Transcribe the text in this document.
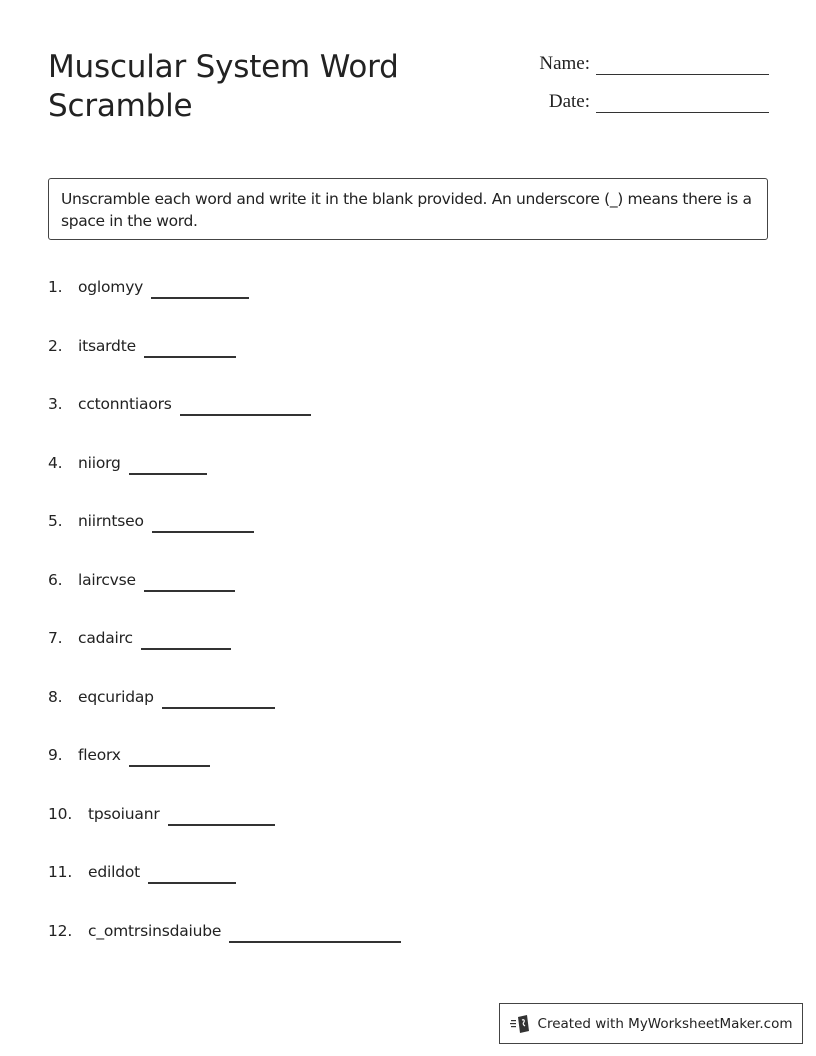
Muscular System Word Scramble
Name:
Date:
Unscramble each word and write it in the blank provided. An underscore (_) means there is a space in the word.
1.	oglomyy
2.	itsardte
3.	cctonntiaors
4.	niiorg
5.	niirntseo
6.	laircvse
7.	cadairc
8.	eqcuridap
9.	fleorx
10.	tpsoiuanr
11.	edildot
12.	c_omtrsinsdaiube
Created with MyWorksheetMaker.com
